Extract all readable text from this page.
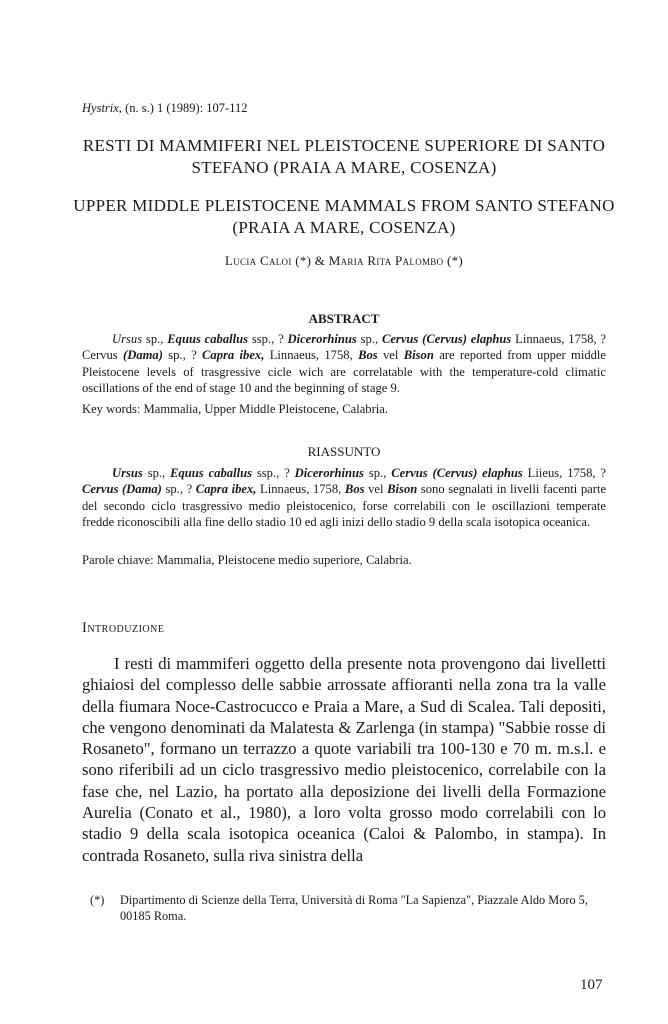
Hystrix, (n. s.) 1 (1989): 107-112
RESTI DI MAMMIFERI NEL PLEISTOCENE SUPERIORE DI SANTO STEFANO (PRAIA A MARE, COSENZA)
UPPER MIDDLE PLEISTOCENE MAMMALS FROM SANTO STEFANO (PRAIA A MARE, COSENZA)
Lucia Caloi (*) & Maria Rita Palombo (*)
ABSTRACT
Ursus sp., Equus caballus ssp., ? Dicerorhinus sp., Cervus (Cervus) elaphus Linnaeus, 1758, ? Cervus (Dama) sp., ? Capra ibex, Linnaeus, 1758, Bos vel Bison are reported from upper middle Pleistocene levels of trasgressive cicle wich are correlatable with the temperature-cold climatic oscillations of the end of stage 10 and the beginning of stage 9.
Key words: Mammalia, Upper Middle Pleistocene, Calabria.
RIASSUNTO
Ursus sp., Equus caballus ssp., ? Dicerorhinus sp., Cervus (Cervus) elaphus Liieus, 1758, ? Cervus (Dama) sp., ? Capra ibex, Linnaeus, 1758, Bos vel Bison sono segnalati in livelli facenti parte del secondo ciclo trasgressivo medio pleistocenico, forse correlabili con le oscillazioni temperate fredde riconoscibili alla fine dello stadio 10 ed agli inizi dello stadio 9 della scala isotopica oceanica.
Parole chiave: Mammalia, Pleistocene medio superiore, Calabria.
Introduzione
I resti di mammiferi oggetto della presente nota provengono dai livelletti ghiaiosi del complesso delle sabbie arrossate affioranti nella zona tra la valle della fiumara Noce-Castrocucco e Praia a Mare, a Sud di Scalea. Tali depositi, che vengono denominati da Malatesta & Zarlenga (in stampa) "Sabbie rosse di Rosaneto", formano un terrazzo a quote variabili tra 100-130 e 70 m. m.s.l. e sono riferibili ad un ciclo trasgressivo medio pleistocenico, correlabile con la fase che, nel Lazio, ha portato alla deposizione dei livelli della Formazione Aurelia (Conato et al., 1980), a loro volta grosso modo correlabili con lo stadio 9 della scala isotopica oceanica (Caloi & Palombo, in stampa). In contrada Rosaneto, sulla riva sinistra della
(*) Dipartimento di Scienze della Terra, Università di Roma "La Sapienza", Piazzale Aldo Moro 5, 00185 Roma.
107
